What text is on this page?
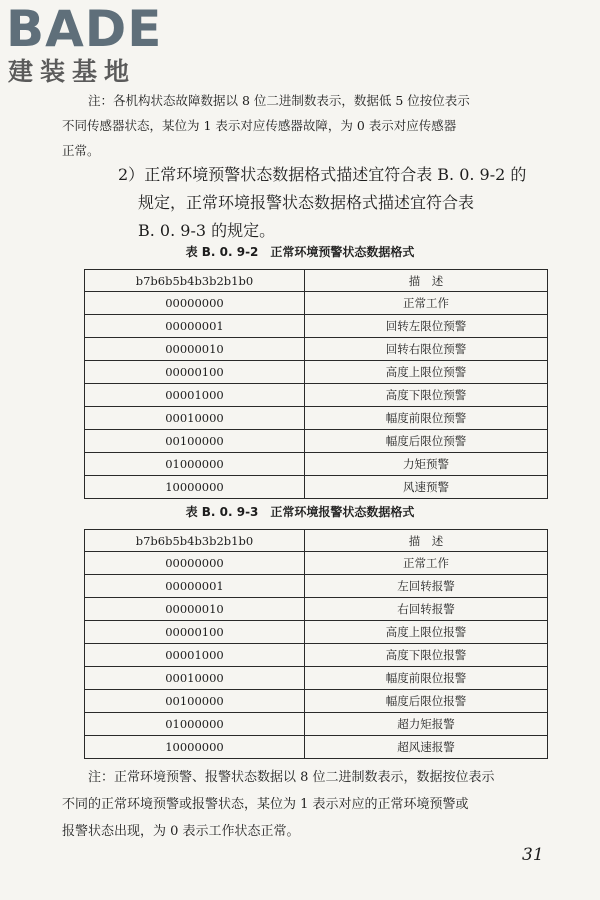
BADE
建装基地
注：各机构状态故障数据以 8 位二进制数表示，数据低 5 位按位表示
不同传感器状态，某位为 1 表示对应传感器故障，为 0 表示对应传感器
正常。
2）正常环境预警状态数据格式描述宜符合表 B. 0. 9-2 的
规定，正常环境报警状态数据格式描述宜符合表
B. 0. 9-3 的规定。
表 B. 0. 9-2　正常环境预警状态数据格式
b7b6b5b4b3b2b1b0	描　述
00000000	正常工作
00000001	回转左限位预警
00000010	回转右限位预警
00000100	高度上限位预警
00001000	高度下限位预警
00010000	幅度前限位预警
00100000	幅度后限位预警
01000000	力矩预警
10000000	风速预警
表 B. 0. 9-3　正常环境报警状态数据格式
b7b6b5b4b3b2b1b0	描　述
00000000	正常工作
00000001	左回转报警
00000010	右回转报警
00000100	高度上限位报警
00001000	高度下限位报警
00010000	幅度前限位报警
00100000	幅度后限位报警
01000000	超力矩报警
10000000	超风速报警
注：正常环境预警、报警状态数据以 8 位二进制数表示，数据按位表示
不同的正常环境预警或报警状态，某位为 1 表示对应的正常环境预警或
报警状态出现，为 0 表示工作状态正常。
31
